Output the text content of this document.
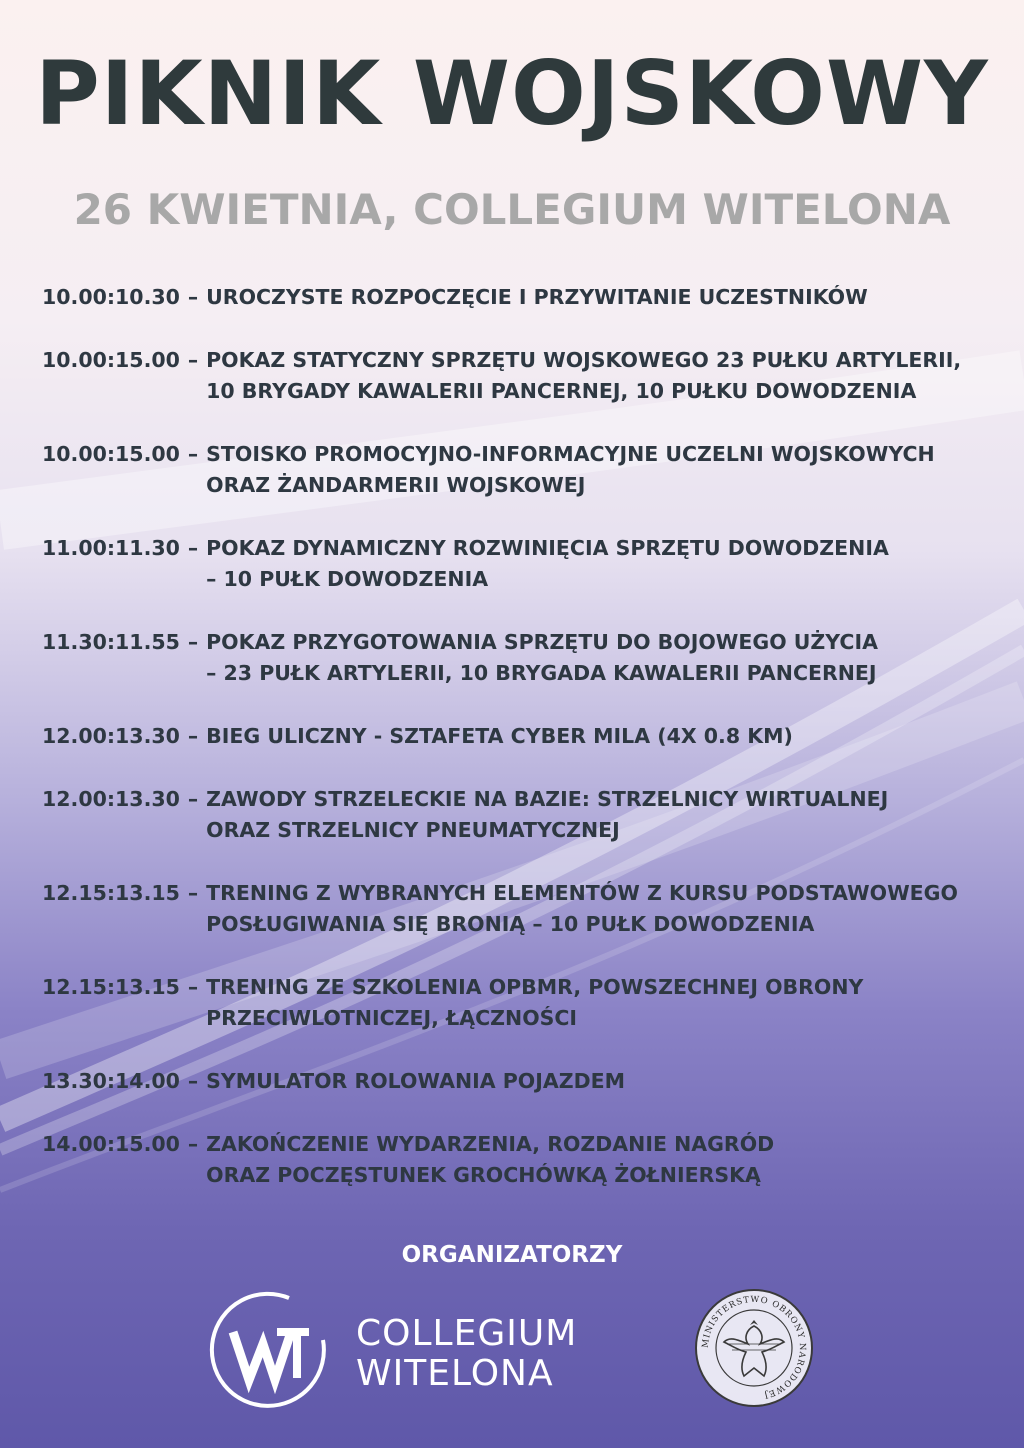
PIKNIK WOJSKOWY
26 KWIETNIA, COLLEGIUM WITELONA
10.00:10.30 – UROCZYSTE ROZPOCZĘCIE I PRZYWITANIE UCZESTNIKÓW
10.00:15.00 – POKAZ STATYCZNY SPRZĘTU WOJSKOWEGO 23 PUŁKU ARTYLERII,
10 BRYGADY KAWALERII PANCERNEJ, 10 PUŁKU DOWODZENIA
10.00:15.00 – STOISKO PROMOCYJNO-INFORMACYJNE UCZELNI WOJSKOWYCH
ORAZ ŻANDARMERII WOJSKOWEJ
11.00:11.30 – POKAZ DYNAMICZNY ROZWINIĘCIA SPRZĘTU DOWODZENIA
– 10 PUŁK DOWODZENIA
11.30:11.55 – POKAZ PRZYGOTOWANIA SPRZĘTU DO BOJOWEGO UŻYCIA
– 23 PUŁK ARTYLERII, 10 BRYGADA KAWALERII PANCERNEJ
12.00:13.30 – BIEG ULICZNY - SZTAFETA CYBER MILA (4X 0.8 KM)
12.00:13.30 – ZAWODY STRZELECKIE NA BAZIE: STRZELNICY WIRTUALNEJ
ORAZ STRZELNICY PNEUMATYCZNEJ
12.15:13.15 – TRENING Z WYBRANYCH ELEMENTÓW Z KURSU PODSTAWOWEGO
POSŁUGIWANIA SIĘ BRONIĄ – 10 PUŁK DOWODZENIA
12.15:13.15 – TRENING ZE SZKOLENIA OPBMR, POWSZECHNEJ OBRONY
PRZECIWLOTNICZEJ, ŁĄCZNOŚCI
13.30:14.00 – SYMULATOR ROLOWANIA POJAZDEM
14.00:15.00 – ZAKOŃCZENIE WYDARZENIA, ROZDANIE NAGRÓD
ORAZ POCZĘSTUNEK GROCHÓWKĄ ŻOŁNIERSKĄ
ORGANIZATORZY
COLLEGIUM
WITELONA
MINISTERSTWO OBRONY NARODOWEJ
